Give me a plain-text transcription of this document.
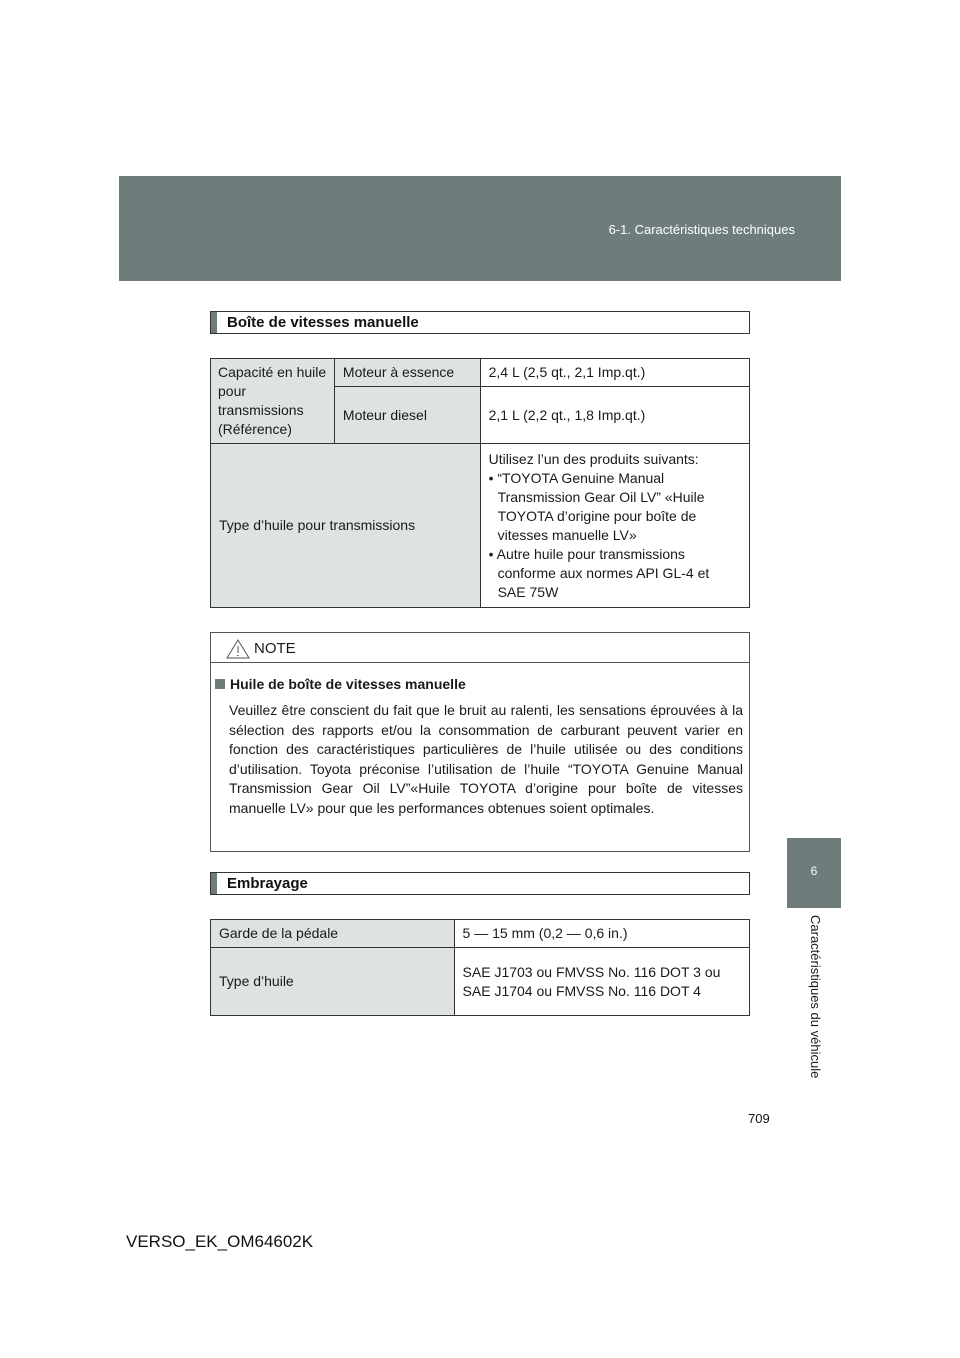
6-1. Caractéristiques techniques
6
Caractéristiques du véhicule
Boîte de vitesses manuelle
Capacité en huile pour transmissions (Référence)	Moteur à essence	2,4 L (2,5 qt., 2,1 Imp.qt.)
	Moteur diesel	2,1 L (2,2 qt., 1,8 Imp.qt.)
Type d’huile pour transmissions		Utilisez l’un des produits suivants:
• “TOYOTA Genuine Manual Transmission Gear Oil LV” «Huile TOYOTA d’origine pour boîte de vitesses manuelle LV»
• Autre huile pour transmissions conforme aux normes API GL-4 et SAE 75W
NOTE
Huile de boîte de vitesses manuelle
Veuillez être conscient du fait que le bruit au ralenti, les sensations éprouvées à la sélection des rapports et/ou la consommation de carburant peuvent varier en fonction des caractéristiques particulières de l’huile utilisée ou des conditions d’utilisation. Toyota préconise l’utilisation de l’huile “TOYOTA Genuine Manual Transmission Gear Oil LV”«Huile TOYOTA d’origine pour boîte de vitesses manuelle LV» pour que les performances obtenues soient optimales.
Embrayage
Garde de la pédale	5 — 15 mm (0,2 — 0,6 in.)
Type d’huile	SAE J1703 ou FMVSS No. 116 DOT 3 ou SAE J1704 ou FMVSS No. 116 DOT 4
709
VERSO_EK_OM64602K
